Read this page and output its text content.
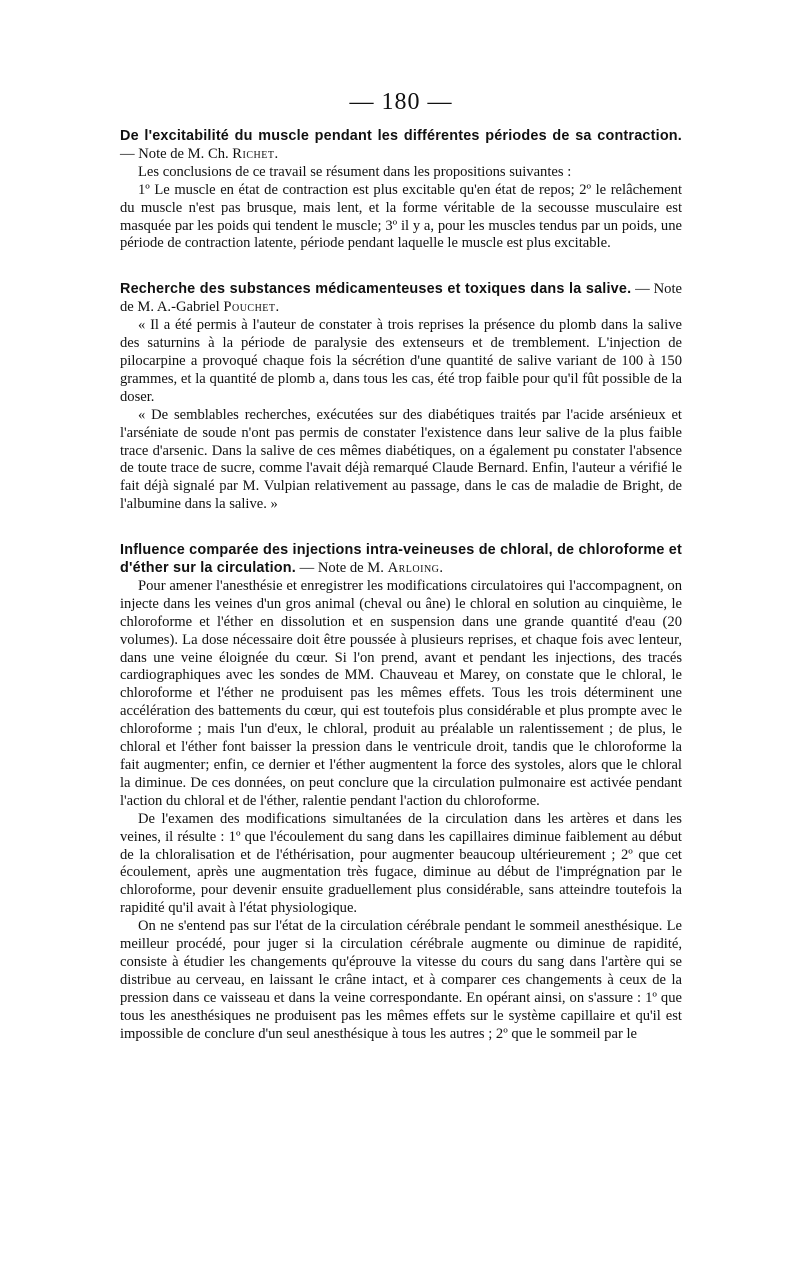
— 180 —

De l'excitabilité du muscle pendant les différentes périodes de sa contraction. — Note de M. Ch. Richet.

Les conclusions de ce travail se résument dans les propositions suivantes :

1º Le muscle en état de contraction est plus excitable qu'en état de repos; 2º le relâchement du muscle n'est pas brusque, mais lent, et la forme véritable de la secousse musculaire est masquée par les poids qui tendent le muscle; 3º il y a, pour les muscles tendus par un poids, une période de contraction latente, période pendant laquelle le muscle est plus excitable.

Recherche des substances médicamenteuses et toxiques dans la salive. — Note de M. A.-Gabriel Pouchet.

« Il a été permis à l'auteur de constater à trois reprises la présence du plomb dans la salive des saturnins à la période de paralysie des extenseurs et de tremblement. L'injection de pilocarpine a provoqué chaque fois la sécrétion d'une quantité de salive variant de 100 à 150 grammes, et la quantité de plomb a, dans tous les cas, été trop faible pour qu'il fût possible de la doser.

« De semblables recherches, exécutées sur des diabétiques traités par l'acide arsénieux et l'arséniate de soude n'ont pas permis de constater l'existence dans leur salive de la plus faible trace d'arsenic. Dans la salive de ces mêmes diabétiques, on a également pu constater l'absence de toute trace de sucre, comme l'avait déjà remarqué Claude Bernard. Enfin, l'auteur a vérifié le fait déjà signalé par M. Vulpian relativement au passage, dans le cas de maladie de Bright, de l'albumine dans la salive. »

Influence comparée des injections intra-veineuses de chloral, de chloroforme et d'éther sur la circulation. — Note de M. Arloing.

Pour amener l'anesthésie et enregistrer les modifications circulatoires qui l'accompagnent, on injecte dans les veines d'un gros animal (cheval ou âne) le chloral en solution au cinquième, le chloroforme et l'éther en dissolution et en suspension dans une grande quantité d'eau (20 volumes). La dose nécessaire doit être poussée à plusieurs reprises, et chaque fois avec lenteur, dans une veine éloignée du cœur. Si l'on prend, avant et pendant les injections, des tracés cardiographiques avec les sondes de MM. Chauveau et Marey, on constate que le chloral, le chloroforme et l'éther ne produisent pas les mêmes effets. Tous les trois déterminent une accélération des battements du cœur, qui est toutefois plus considérable et plus prompte avec le chloroforme ; mais l'un d'eux, le chloral, produit au préalable un ralentissement ; de plus, le chloral et l'éther font baisser la pression dans le ventricule droit, tandis que le chloroforme la fait augmenter; enfin, ce dernier et l'éther augmentent la force des systoles, alors que le chloral la diminue. De ces données, on peut conclure que la circulation pulmonaire est activée pendant l'action du chloral et de l'éther, ralentie pendant l'action du chloroforme.

De l'examen des modifications simultanées de la circulation dans les artères et dans les veines, il résulte : 1º que l'écoulement du sang dans les capillaires diminue faiblement au début de la chloralisation et de l'éthérisation, pour augmenter beaucoup ultérieurement ; 2º que cet écoulement, après une augmentation très fugace, diminue au début de l'imprégnation par le chloroforme, pour devenir ensuite graduellement plus considérable, sans atteindre toutefois la rapidité qu'il avait à l'état physiologique.

On ne s'entend pas sur l'état de la circulation cérébrale pendant le sommeil anesthésique. Le meilleur procédé, pour juger si la circulation cérébrale augmente ou diminue de rapidité, consiste à étudier les changements qu'éprouve la vitesse du cours du sang dans l'artère qui se distribue au cerveau, en laissant le crâne intact, et à comparer ces changements à ceux de la pression dans ce vaisseau et dans la veine correspondante. En opérant ainsi, on s'assure : 1º que tous les anesthésiques ne produisent pas les mêmes effets sur le système capillaire et qu'il est impossible de conclure d'un seul anesthésique à tous les autres ; 2º que le sommeil par le
